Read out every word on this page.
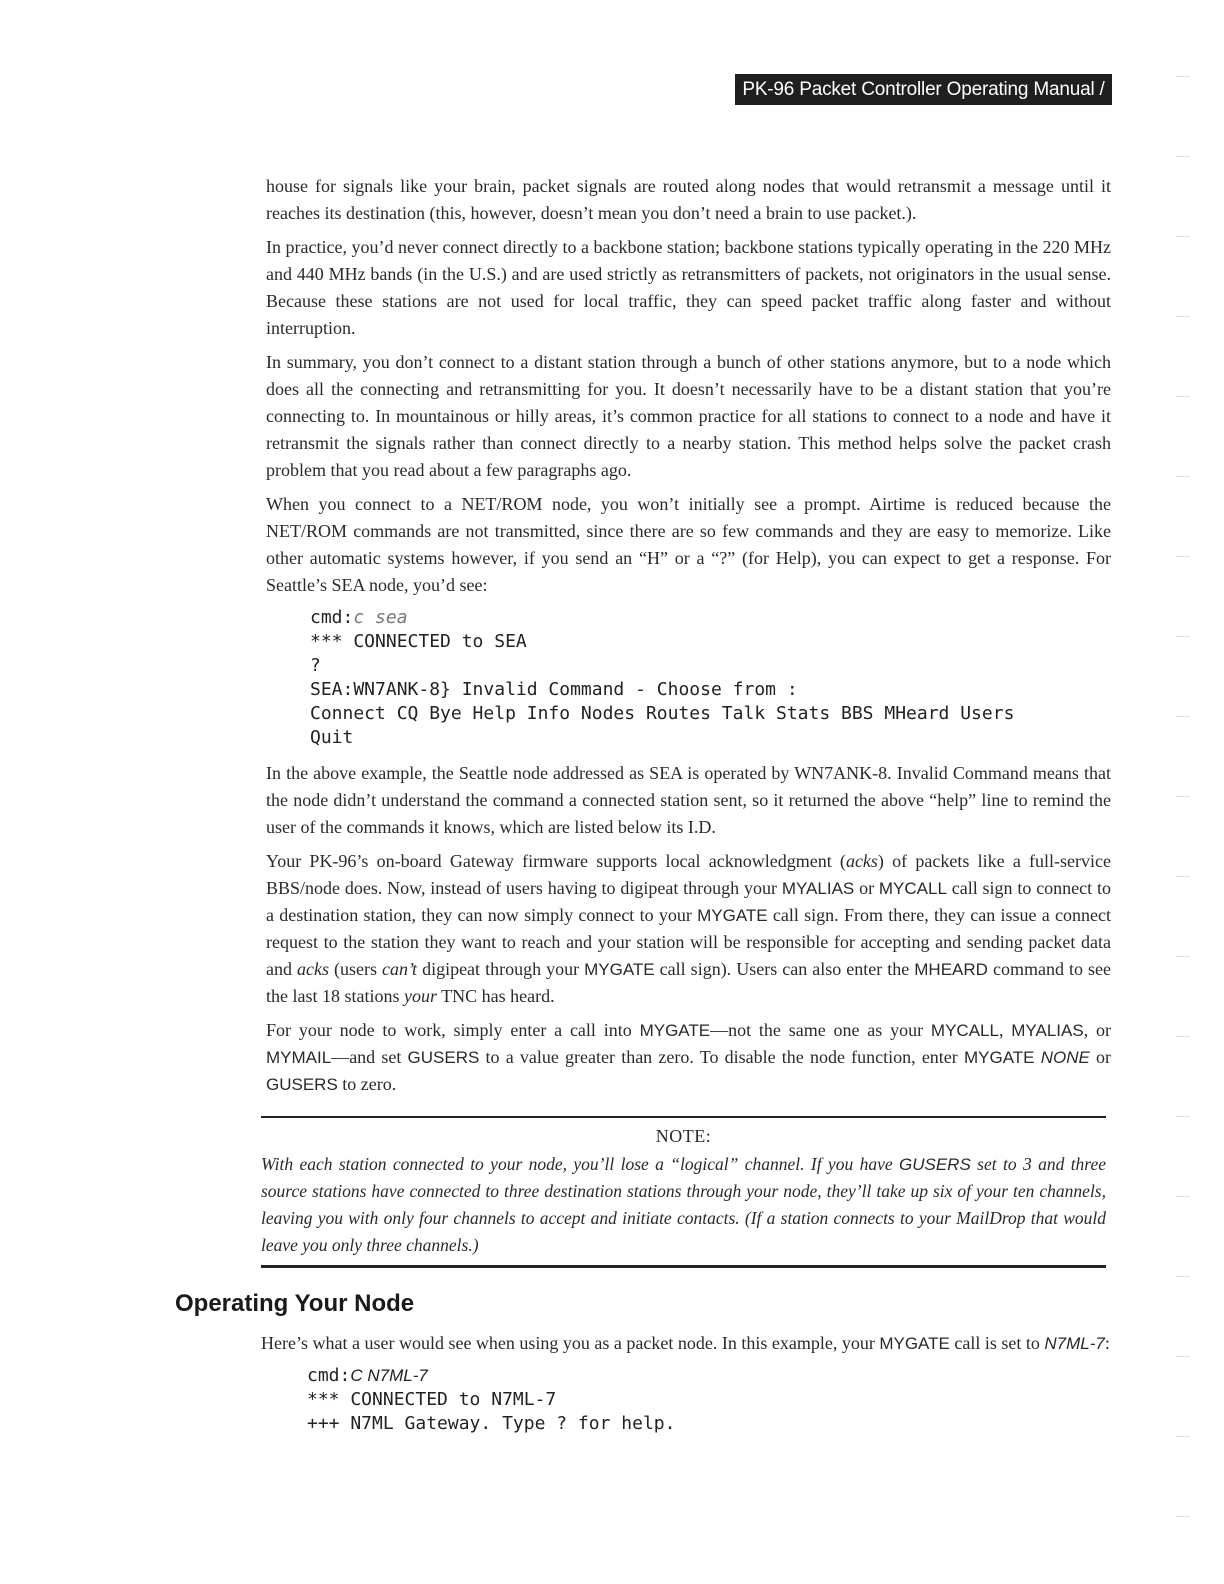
PK-96 Packet Controller Operating Manual / 87

house for signals like your brain, packet signals are routed along nodes that would retransmit a message until it reaches its destination (this, however, doesn’t mean you don’t need a brain to use packet.).

In practice, you’d never connect directly to a backbone station; backbone stations typically operating in the 220 MHz and 440 MHz bands (in the U.S.) and are used strictly as retransmitters of packets, not originators in the usual sense. Because these stations are not used for local traffic, they can speed packet traffic along faster and without interruption.

In summary, you don’t connect to a distant station through a bunch of other stations anymore, but to a node which does all the connecting and retransmitting for you. It doesn’t necessarily have to be a distant station that you’re connecting to. In mountainous or hilly areas, it’s common practice for all stations to connect to a node and have it retransmit the signals rather than connect directly to a nearby station. This method helps solve the packet crash problem that you read about a few paragraphs ago.

When you connect to a NET/ROM node, you won’t initially see a prompt. Airtime is reduced because the NET/ROM commands are not transmitted, since there are so few commands and they are easy to memorize. Like other automatic systems however, if you send an “H” or a “?” (for Help), you can expect to get a response. For Seattle’s SEA node, you’d see:

cmd:c sea
*** CONNECTED to SEA
?
SEA:WN7ANK-8} Invalid Command - Choose from :
Connect CQ Bye Help Info Nodes Routes Talk Stats BBS MHeard Users
Quit

In the above example, the Seattle node addressed as SEA is operated by WN7ANK-8. Invalid Command means that the node didn’t understand the command a connected station sent, so it returned the above “help” line to remind the user of the commands it knows, which are listed below its I.D.

Your PK-96’s on-board Gateway firmware supports local acknowledgment (acks) of packets like a full-service BBS/node does. Now, instead of users having to digipeat through your MYALIAS or MYCALL call sign to connect to a destination station, they can now simply connect to your MYGATE call sign. From there, they can issue a connect request to the station they want to reach and your station will be responsible for accepting and sending packet data and acks (users can’t digipeat through your MYGATE call sign). Users can also enter the MHEARD command to see the last 18 stations your TNC has heard.

For your node to work, simply enter a call into MYGATE—not the same one as your MYCALL, MYALIAS, or MYMAIL—and set GUSERS to a value greater than zero. To disable the node function, enter MYGATE NONE or GUSERS to zero.

NOTE:

With each station connected to your node, you’ll lose a “logical” channel. If you have GUSERS set to 3 and three source stations have connected to three destination stations through your node, they’ll take up six of your ten channels, leaving you with only four channels to accept and initiate contacts. (If a station connects to your MailDrop that would leave you only three channels.)

Operating Your Node

Here’s what a user would see when using you as a packet node. In this example, your MYGATE call is set to N7ML-7:

cmd:C N7ML-7
*** CONNECTED to N7ML-7
+++ N7ML Gateway. Type ? for help.
